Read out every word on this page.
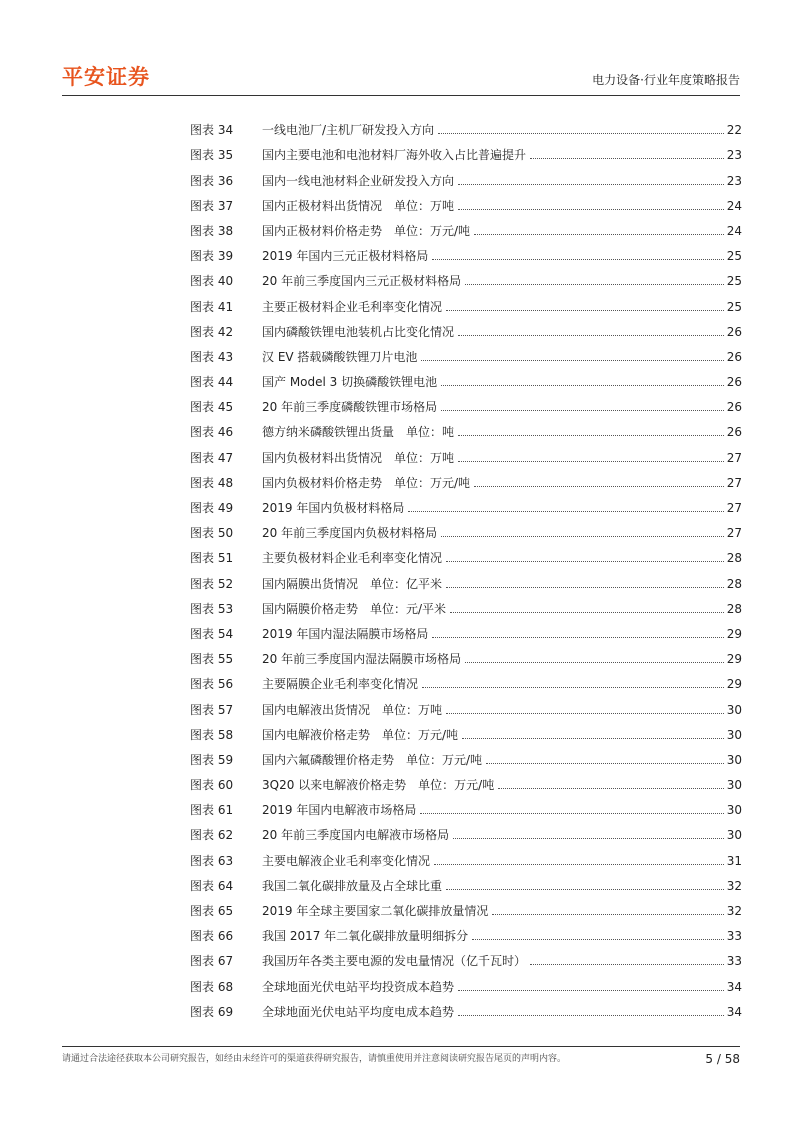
平安证券	电力设备·行业年度策略报告
图表 34	一线电池厂/主机厂研发投入方向	22
图表 35	国内主要电池和电池材料厂海外收入占比普遍提升	23
图表 36	国内一线电池材料企业研发投入方向	23
图表 37	国内正极材料出货情况　单位：万吨	24
图表 38	国内正极材料价格走势　单位：万元/吨	24
图表 39	2019 年国内三元正极材料格局	25
图表 40	20 年前三季度国内三元正极材料格局	25
图表 41	主要正极材料企业毛利率变化情况	25
图表 42	国内磷酸铁锂电池装机占比变化情况	26
图表 43	汉 EV 搭载磷酸铁锂刀片电池	26
图表 44	国产 Model 3 切换磷酸铁锂电池	26
图表 45	20 年前三季度磷酸铁锂市场格局	26
图表 46	德方纳米磷酸铁锂出货量　单位：吨	26
图表 47	国内负极材料出货情况　单位：万吨	27
图表 48	国内负极材料价格走势　单位：万元/吨	27
图表 49	2019 年国内负极材料格局	27
图表 50	20 年前三季度国内负极材料格局	27
图表 51	主要负极材料企业毛利率变化情况	28
图表 52	国内隔膜出货情况　单位：亿平米	28
图表 53	国内隔膜价格走势　单位：元/平米	28
图表 54	2019 年国内湿法隔膜市场格局	29
图表 55	20 年前三季度国内湿法隔膜市场格局	29
图表 56	主要隔膜企业毛利率变化情况	29
图表 57	国内电解液出货情况　单位：万吨	30
图表 58	国内电解液价格走势　单位：万元/吨	30
图表 59	国内六氟磷酸锂价格走势　单位：万元/吨	30
图表 60	3Q20 以来电解液价格走势　单位：万元/吨	30
图表 61	2019 年国内电解液市场格局	30
图表 62	20 年前三季度国内电解液市场格局	30
图表 63	主要电解液企业毛利率变化情况	31
图表 64	我国二氧化碳排放量及占全球比重	32
图表 65	2019 年全球主要国家二氧化碳排放量情况	32
图表 66	我国 2017 年二氧化碳排放量明细拆分	33
图表 67	我国历年各类主要电源的发电量情况（亿千瓦时）	33
图表 68	全球地面光伏电站平均投资成本趋势	34
图表 69	全球地面光伏电站平均度电成本趋势	34
请通过合法途径获取本公司研究报告，如经由未经许可的渠道获得研究报告，请慎重使用并注意阅读研究报告尾页的声明内容。	5 / 58
